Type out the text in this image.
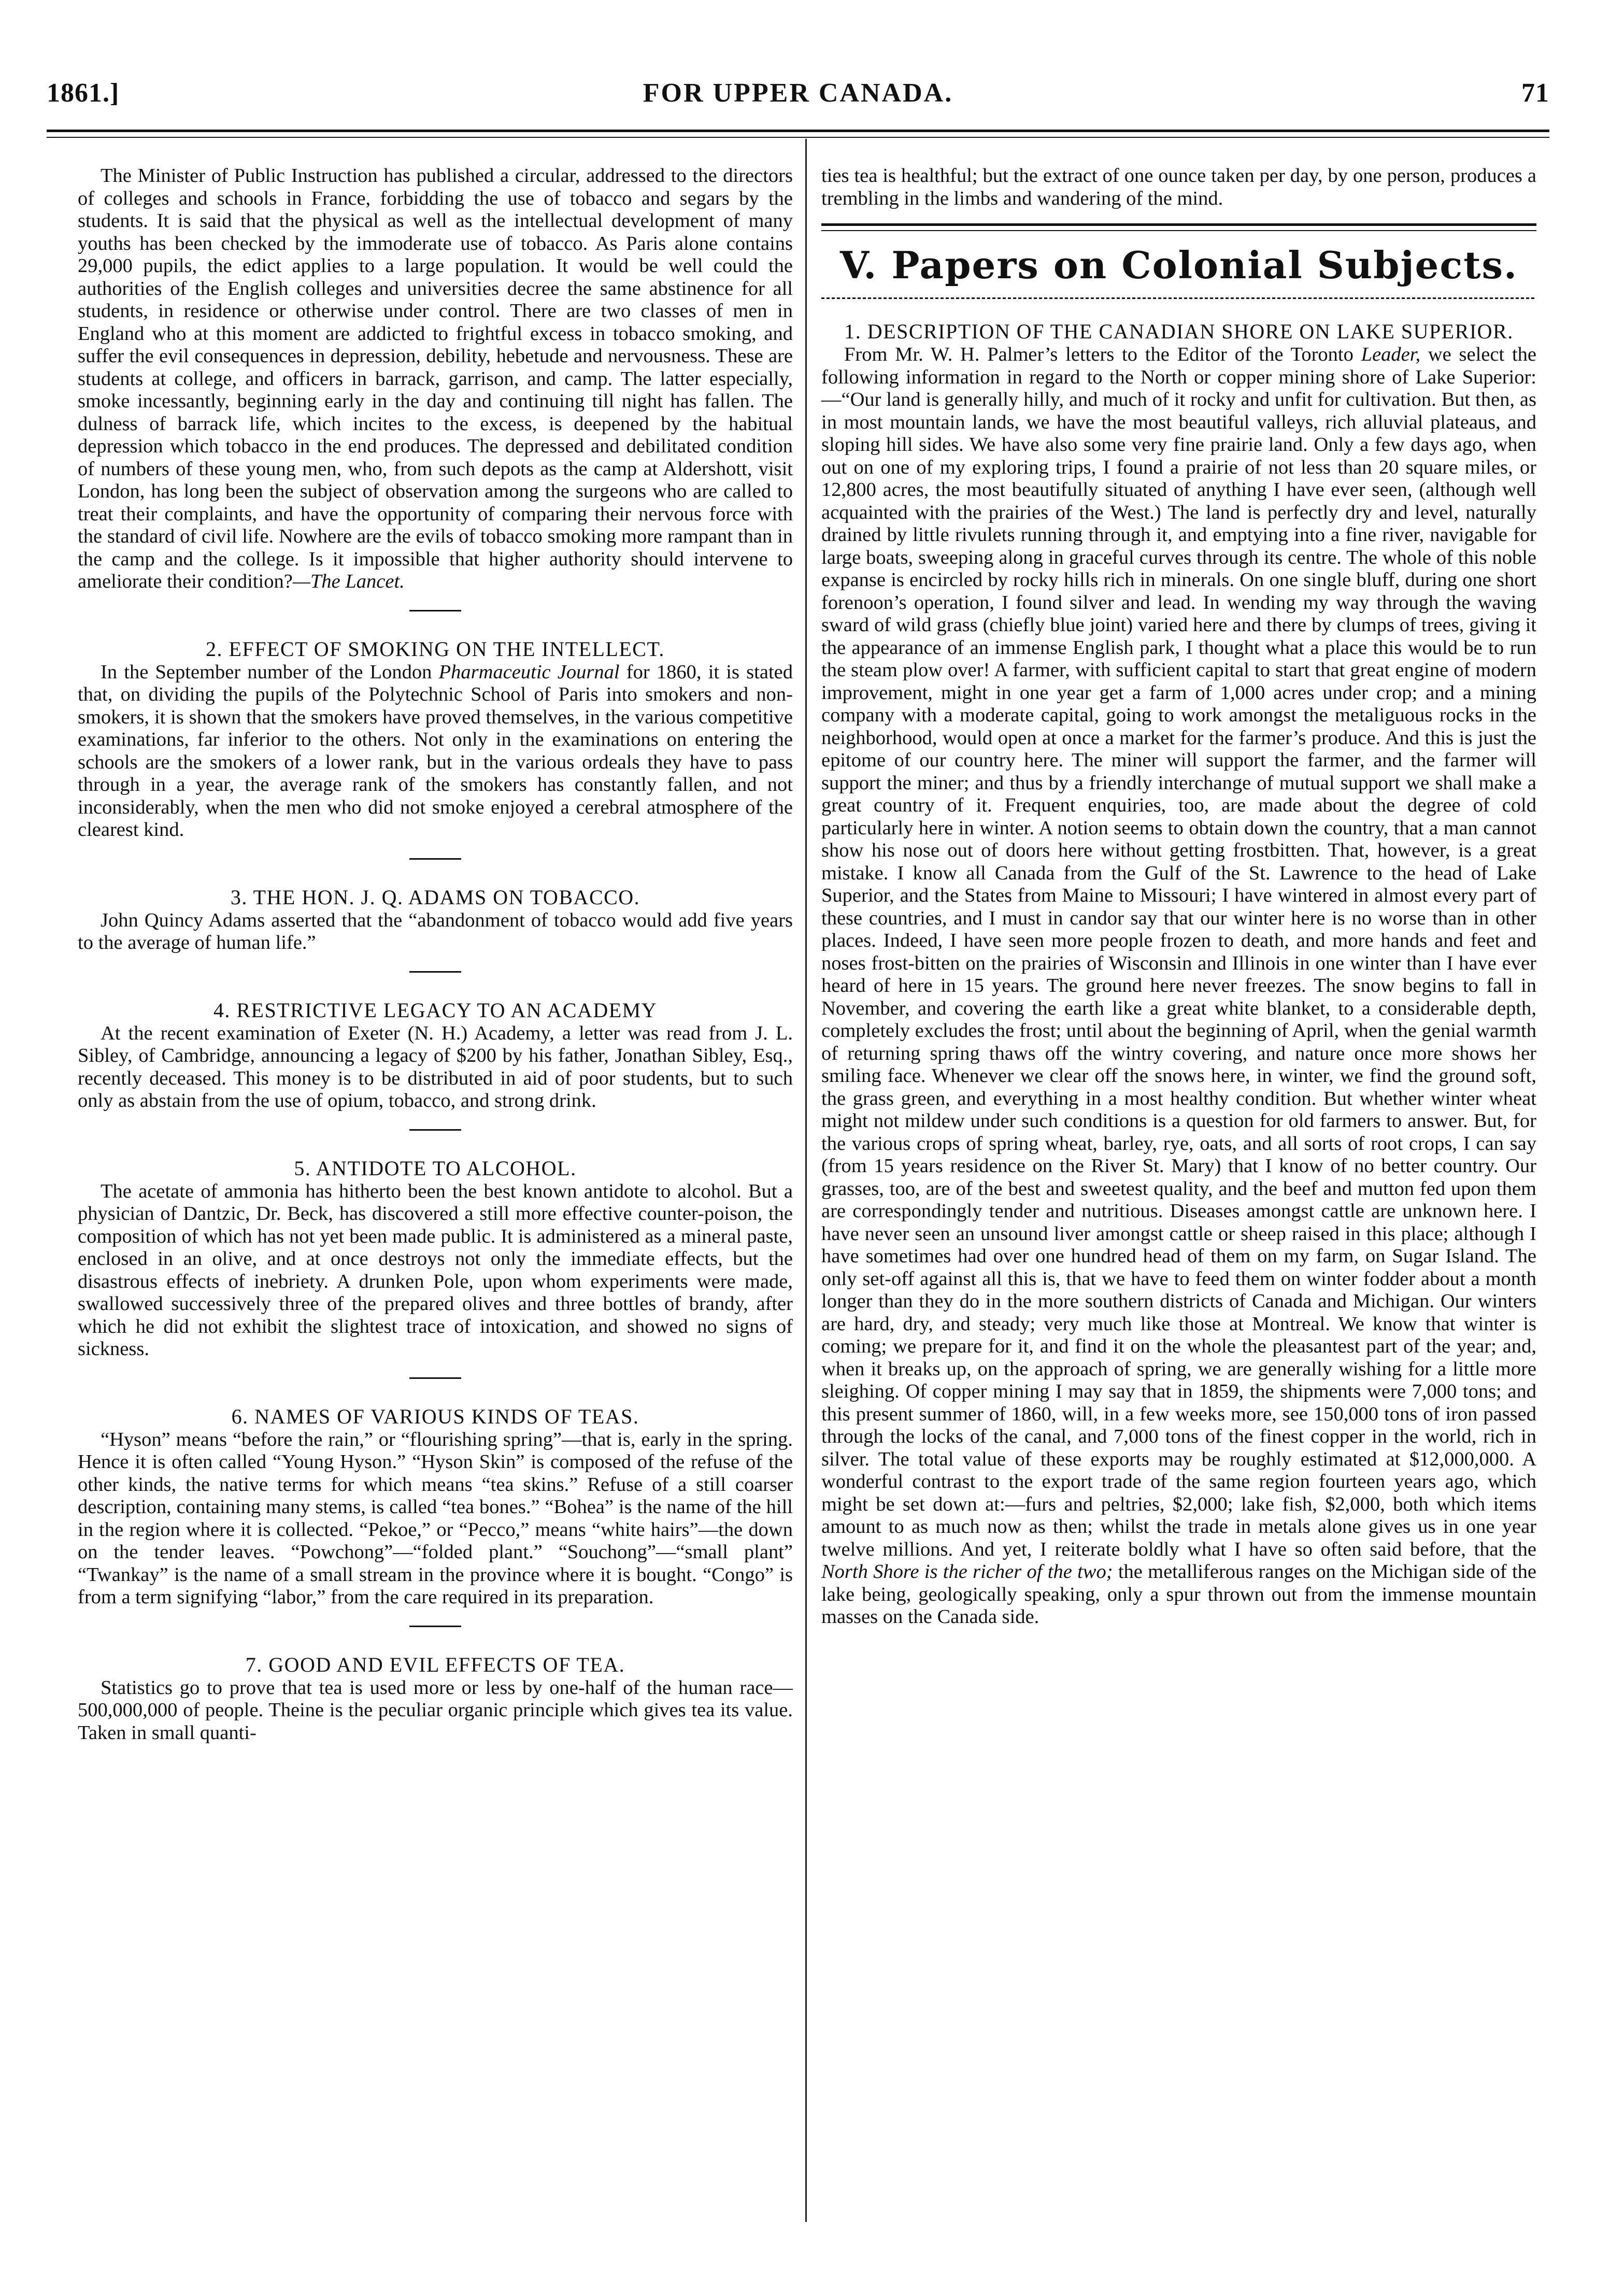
1861.]	FOR UPPER CANADA.	71

The Minister of Public Instruction has published a circular, addressed to the directors of colleges and schools in France, forbidding the use of tobacco and segars by the students. It is said that the physical as well as the intellectual development of many youths has been checked by the immoderate use of tobacco. As Paris alone contains 29,000 pupils, the edict applies to a large population. It would be well could the authorities of the English colleges and universities decree the same abstinence for all students, in residence or otherwise under control. There are two classes of men in England who at this moment are addicted to frightful excess in tobacco smoking, and suffer the evil consequences in depression, debility, hebetude and nervousness. These are students at college, and officers in barrack, garrison, and camp. The latter especially, smoke incessantly, beginning early in the day and continuing till night has fallen. The dulness of barrack life, which incites to the excess, is deepened by the habitual depression which tobacco in the end produces. The depressed and debilitated condition of numbers of these young men, who, from such depots as the camp at Aldershott, visit London, has long been the subject of observation among the surgeons who are called to treat their complaints, and have the opportunity of comparing their nervous force with the standard of civil life. Nowhere are the evils of tobacco smoking more rampant than in the camp and the college. Is it impossible that higher authority should intervene to ameliorate their condition?—The Lancet.

2. EFFECT OF SMOKING ON THE INTELLECT.

In the September number of the London Pharmaceutic Journal for 1860, it is stated that, on dividing the pupils of the Polytechnic School of Paris into smokers and non-smokers, it is shown that the smokers have proved themselves, in the various competitive examinations, far inferior to the others. Not only in the examinations on entering the schools are the smokers of a lower rank, but in the various ordeals they have to pass through in a year, the average rank of the smokers has constantly fallen, and not inconsiderably, when the men who did not smoke enjoyed a cerebral atmosphere of the clearest kind.

3. THE HON. J. Q. ADAMS ON TOBACCO.

John Quincy Adams asserted that the “abandonment of tobacco would add five years to the average of human life.”

4. RESTRICTIVE LEGACY TO AN ACADEMY

At the recent examination of Exeter (N. H.) Academy, a letter was read from J. L. Sibley, of Cambridge, announcing a legacy of $200 by his father, Jonathan Sibley, Esq., recently deceased. This money is to be distributed in aid of poor students, but to such only as abstain from the use of opium, tobacco, and strong drink.

5. ANTIDOTE TO ALCOHOL.

The acetate of ammonia has hitherto been the best known antidote to alcohol. But a physician of Dantzic, Dr. Beck, has discovered a still more effective counter-poison, the composition of which has not yet been made public. It is administered as a mineral paste, enclosed in an olive, and at once destroys not only the immediate effects, but the disastrous effects of inebriety. A drunken Pole, upon whom experiments were made, swallowed successively three of the prepared olives and three bottles of brandy, after which he did not exhibit the slightest trace of intoxication, and showed no signs of sickness.

6. NAMES OF VARIOUS KINDS OF TEAS.

“Hyson” means “before the rain,” or “flourishing spring”—that is, early in the spring. Hence it is often called “Young Hyson.” “Hyson Skin” is composed of the refuse of the other kinds, the native terms for which means “tea skins.” Refuse of a still coarser description, containing many stems, is called “tea bones.” “Bohea” is the name of the hill in the region where it is collected. “Pekoe,” or “Pecco,” means “white hairs”—the down on the tender leaves. “Powchong”—“folded plant.” “Souchong”—“small plant” “Twankay” is the name of a small stream in the province where it is bought. “Congo” is from a term signifying “labor,” from the care required in its preparation.

7. GOOD AND EVIL EFFECTS OF TEA.

Statistics go to prove that tea is used more or less by one-half of the human race—500,000,000 of people. Theine is the peculiar organic principle which gives tea its value. Taken in small quanti-

ties tea is healthful; but the extract of one ounce taken per day, by one person, produces a trembling in the limbs and wandering of the mind.

V. Papers on Colonial Subjects.
1. DESCRIPTION OF THE CANADIAN SHORE ON LAKE SUPERIOR.

From Mr. W. H. Palmer’s letters to the Editor of the Toronto Leader, we select the following information in regard to the North or copper mining shore of Lake Superior:—“Our land is generally hilly, and much of it rocky and unfit for cultivation. But then, as in most mountain lands, we have the most beautiful valleys, rich alluvial plateaus, and sloping hill sides. We have also some very fine prairie land. Only a few days ago, when out on one of my exploring trips, I found a prairie of not less than 20 square miles, or 12,800 acres, the most beautifully situated of anything I have ever seen, (although well acquainted with the prairies of the West.) The land is perfectly dry and level, naturally drained by little rivulets running through it, and emptying into a fine river, navigable for large boats, sweeping along in graceful curves through its centre. The whole of this noble expanse is encircled by rocky hills rich in minerals. On one single bluff, during one short forenoon’s operation, I found silver and lead. In wending my way through the waving sward of wild grass (chiefly blue joint) varied here and there by clumps of trees, giving it the appearance of an immense English park, I thought what a place this would be to run the steam plow over! A farmer, with sufficient capital to start that great engine of modern improvement, might in one year get a farm of 1,000 acres under crop; and a mining company with a moderate capital, going to work amongst the metaliguous rocks in the neighborhood, would open at once a market for the farmer’s produce. And this is just the epitome of our country here. The miner will support the farmer, and the farmer will support the miner; and thus by a friendly interchange of mutual support we shall make a great country of it. Frequent enquiries, too, are made about the degree of cold particularly here in winter. A notion seems to obtain down the country, that a man cannot show his nose out of doors here without getting frostbitten. That, however, is a great mistake. I know all Canada from the Gulf of the St. Lawrence to the head of Lake Superior, and the States from Maine to Missouri; I have wintered in almost every part of these countries, and I must in candor say that our winter here is no worse than in other places. Indeed, I have seen more people frozen to death, and more hands and feet and noses frost-bitten on the prairies of Wisconsin and Illinois in one winter than I have ever heard of here in 15 years. The ground here never freezes. The snow begins to fall in November, and covering the earth like a great white blanket, to a considerable depth, completely excludes the frost; until about the beginning of April, when the genial warmth of returning spring thaws off the wintry covering, and nature once more shows her smiling face. Whenever we clear off the snows here, in winter, we find the ground soft, the grass green, and everything in a most healthy condition. But whether winter wheat might not mildew under such conditions is a question for old farmers to answer. But, for the various crops of spring wheat, barley, rye, oats, and all sorts of root crops, I can say (from 15 years residence on the River St. Mary) that I know of no better country. Our grasses, too, are of the best and sweetest quality, and the beef and mutton fed upon them are correspondingly tender and nutritious. Diseases amongst cattle are unknown here. I have never seen an unsound liver amongst cattle or sheep raised in this place; although I have sometimes had over one hundred head of them on my farm, on Sugar Island. The only set-off against all this is, that we have to feed them on winter fodder about a month longer than they do in the more southern districts of Canada and Michigan. Our winters are hard, dry, and steady; very much like those at Montreal. We know that winter is coming; we prepare for it, and find it on the whole the pleasantest part of the year; and, when it breaks up, on the approach of spring, we are generally wishing for a little more sleighing. Of copper mining I may say that in 1859, the shipments were 7,000 tons; and this present summer of 1860, will, in a few weeks more, see 150,000 tons of iron passed through the locks of the canal, and 7,000 tons of the finest copper in the world, rich in silver. The total value of these exports may be roughly estimated at $12,000,000. A wonderful contrast to the export trade of the same region fourteen years ago, which might be set down at:—furs and peltries, $2,000; lake fish, $2,000, both which items amount to as much now as then; whilst the trade in metals alone gives us in one year twelve millions. And yet, I reiterate boldly what I have so often said before, that the North Shore is the richer of the two; the metalliferous ranges on the Michigan side of the lake being, geologically speaking, only a spur thrown out from the immense mountain masses on the Canada side.
